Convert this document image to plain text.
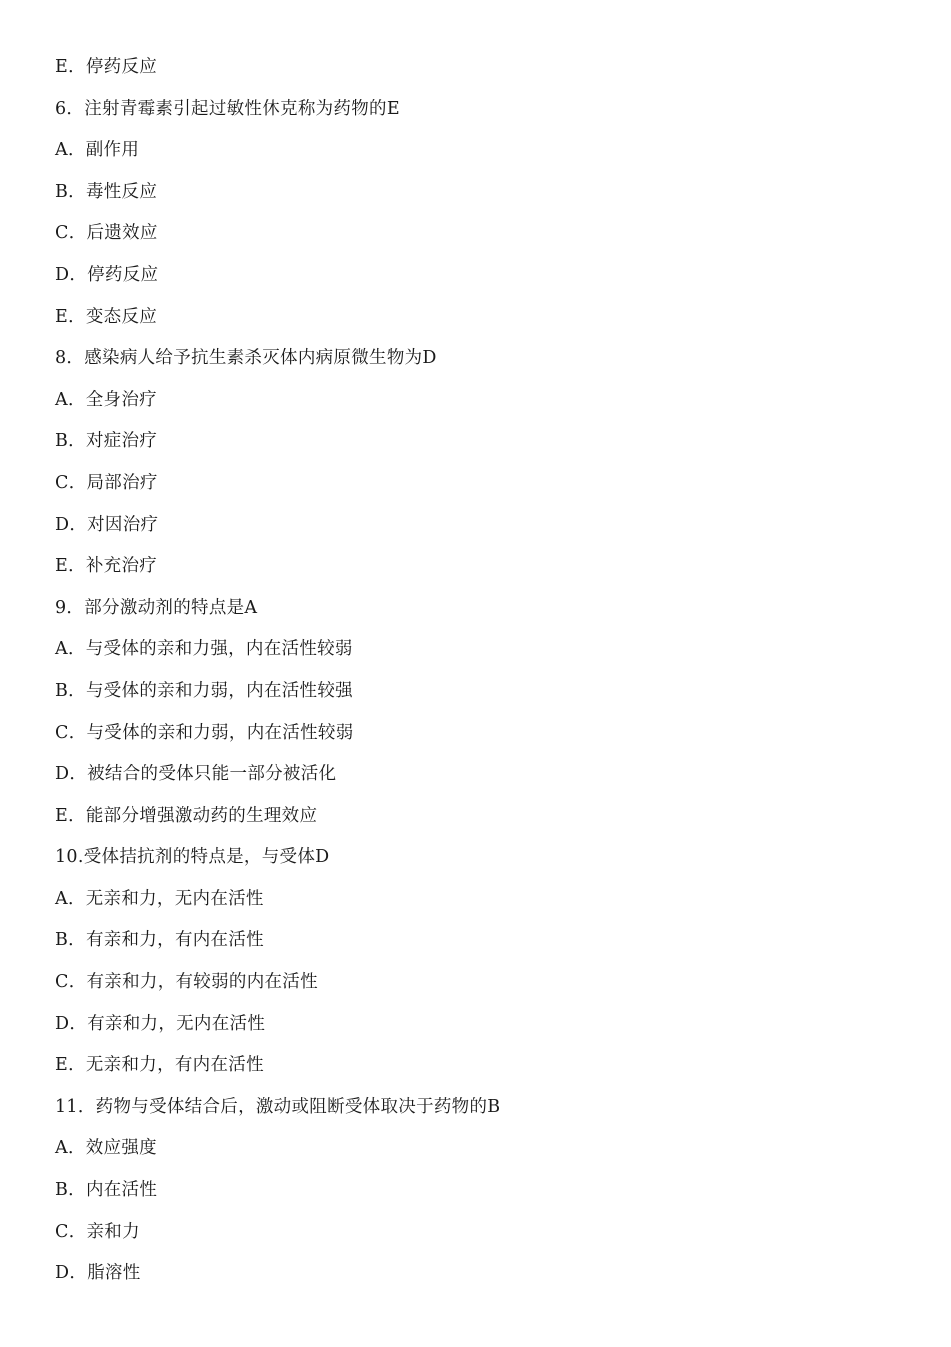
E．停药反应
6．注射青霉素引起过敏性休克称为药物的E
A．副作用
B．毒性反应
C．后遗效应
D．停药反应
E．变态反应
8．感染病人给予抗生素杀灭体内病原微生物为D
A．全身治疗
B．对症治疗
C．局部治疗
D．对因治疗
E．补充治疗
9．部分激动剂的特点是A
A．与受体的亲和力强，内在活性较弱
B．与受体的亲和力弱，内在活性较强
C．与受体的亲和力弱，内在活性较弱
D．被结合的受体只能一部分被活化
E．能部分增强激动药的生理效应
10.受体拮抗剂的特点是，与受体D
A．无亲和力，无内在活性
B．有亲和力，有内在活性
C．有亲和力，有较弱的内在活性
D．有亲和力，无内在活性
E．无亲和力，有内在活性
11．药物与受体结合后，激动或阻断受体取决于药物的B
A．效应强度
B．内在活性
C．亲和力
D．脂溶性
